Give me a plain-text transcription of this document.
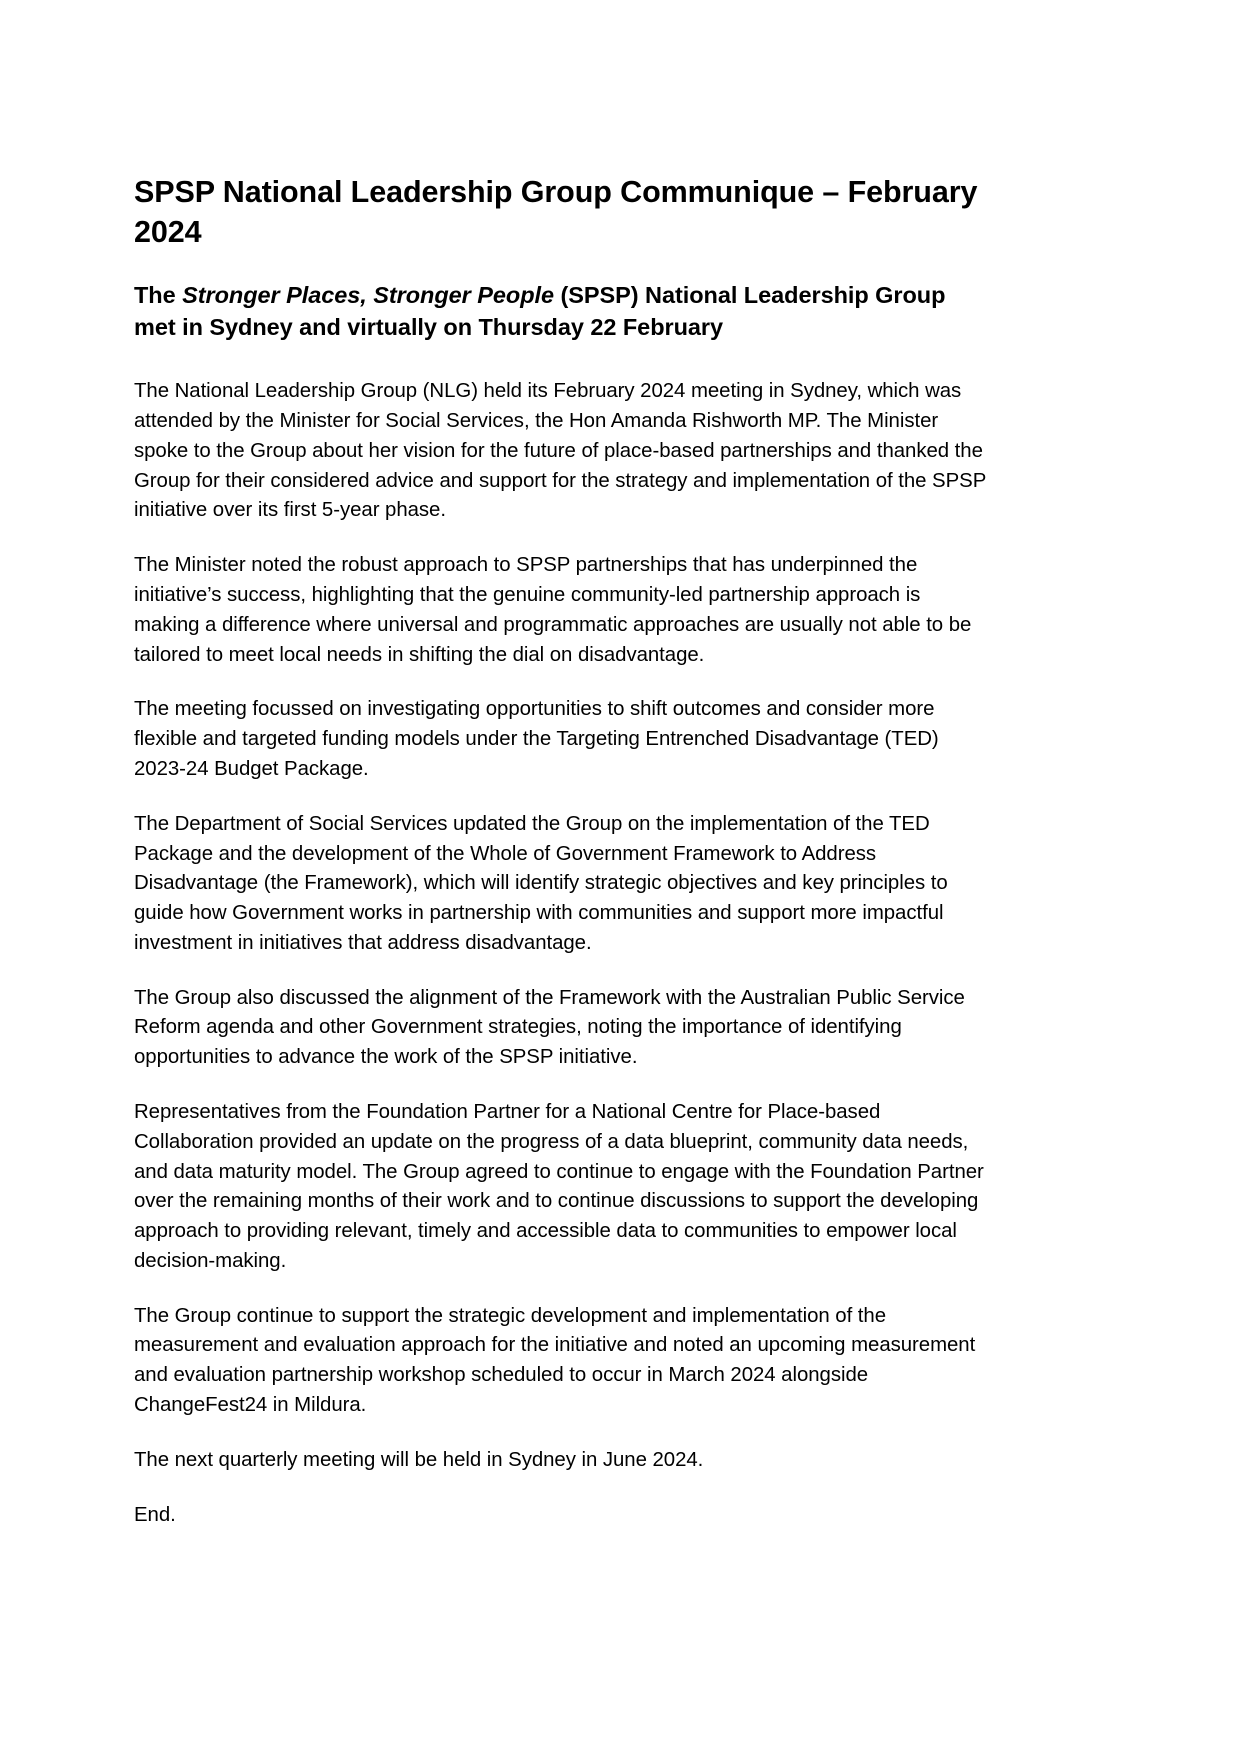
SPSP National Leadership Group Communique – February 2024
The Stronger Places, Stronger People (SPSP) National Leadership Group met in Sydney and virtually on Thursday 22 February

The National Leadership Group (NLG) held its February 2024 meeting in Sydney, which was attended by the Minister for Social Services, the Hon Amanda Rishworth MP. The Minister spoke to the Group about her vision for the future of place-based partnerships and thanked the Group for their considered advice and support for the strategy and implementation of the SPSP initiative over its first 5-year phase.

The Minister noted the robust approach to SPSP partnerships that has underpinned the initiative’s success, highlighting that the genuine community-led partnership approach is making a difference where universal and programmatic approaches are usually not able to be tailored to meet local needs in shifting the dial on disadvantage.

The meeting focussed on investigating opportunities to shift outcomes and consider more flexible and targeted funding models under the Targeting Entrenched Disadvantage (TED) 2023-24 Budget Package.

The Department of Social Services updated the Group on the implementation of the TED Package and the development of the Whole of Government Framework to Address Disadvantage (the Framework), which will identify strategic objectives and key principles to guide how Government works in partnership with communities and support more impactful investment in initiatives that address disadvantage.

The Group also discussed the alignment of the Framework with the Australian Public Service Reform agenda and other Government strategies, noting the importance of identifying opportunities to advance the work of the SPSP initiative.

Representatives from the Foundation Partner for a National Centre for Place-based Collaboration provided an update on the progress of a data blueprint, community data needs, and data maturity model. The Group agreed to continue to engage with the Foundation Partner over the remaining months of their work and to continue discussions to support the developing approach to providing relevant, timely and accessible data to communities to empower local decision-making.

The Group continue to support the strategic development and implementation of the measurement and evaluation approach for the initiative and noted an upcoming measurement and evaluation partnership workshop scheduled to occur in March 2024 alongside ChangeFest24 in Mildura.

The next quarterly meeting will be held in Sydney in June 2024.

End.
